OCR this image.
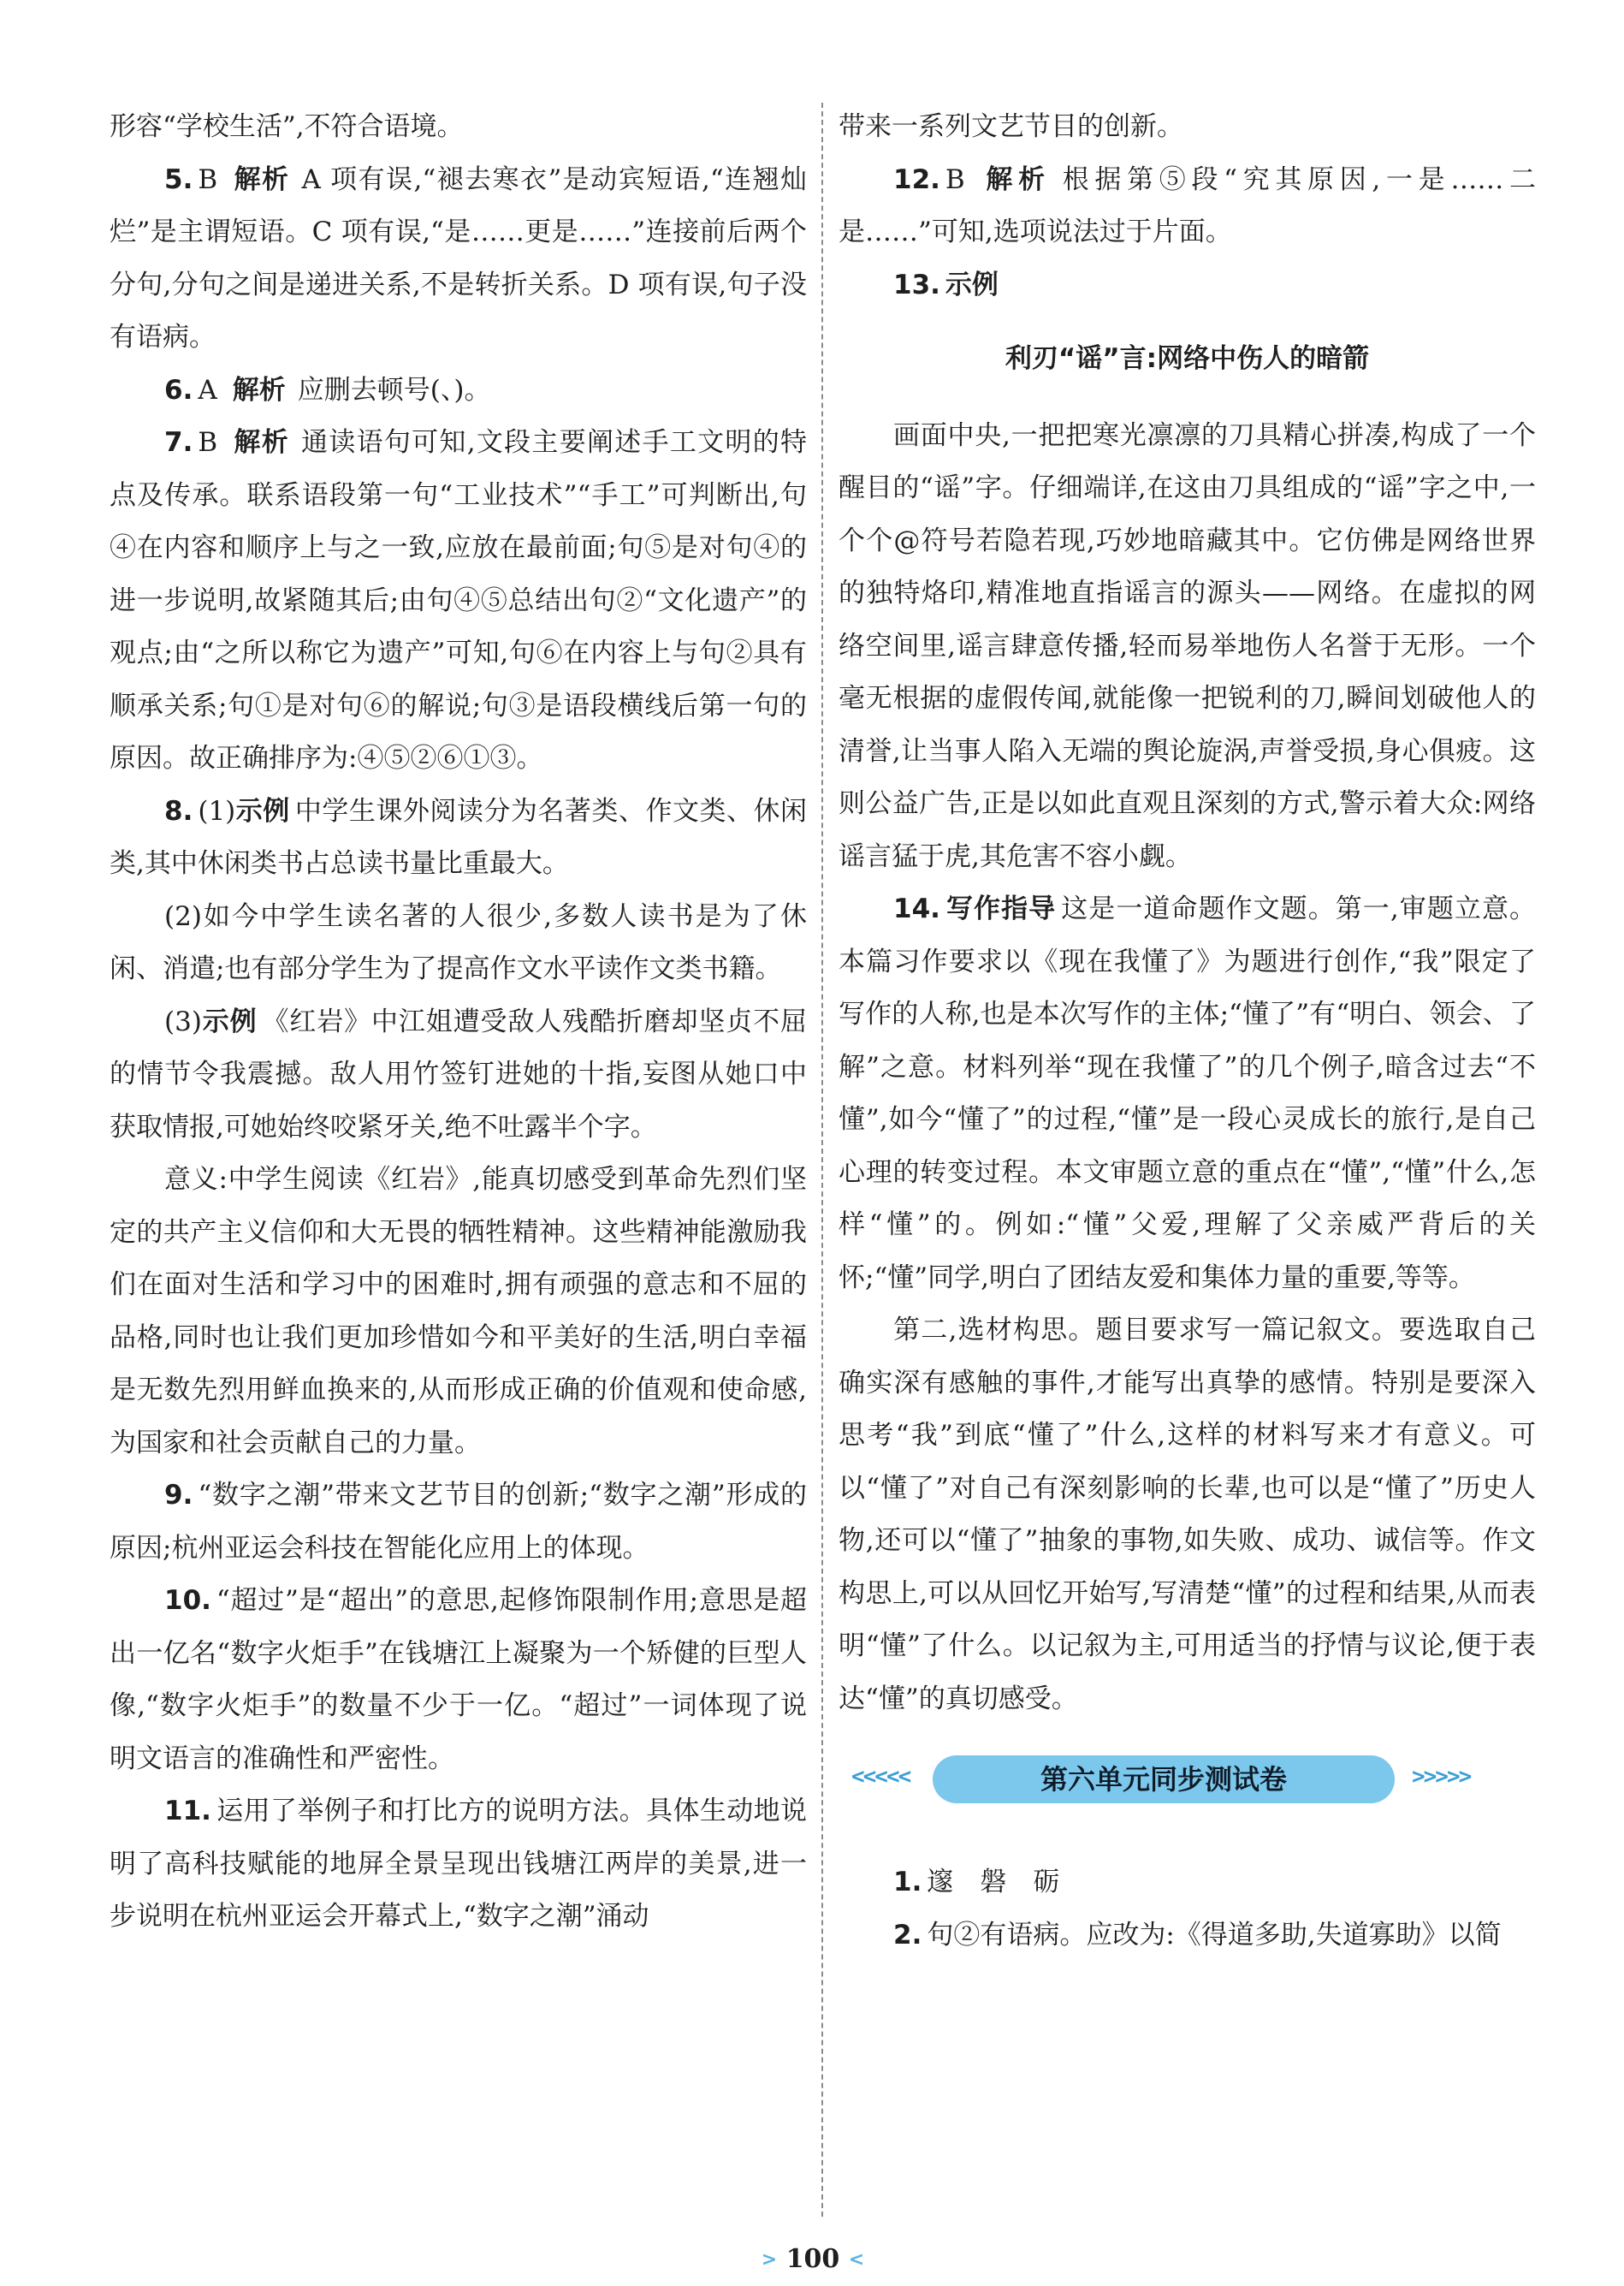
形容“学校生活”,不符合语境。

5. B 解析 A 项有误,“褪去寒衣”是动宾短语,“连翘灿烂”是主谓短语。C 项有误,“是……更是……”连接前后两个分句,分句之间是递进关系,不是转折关系。D 项有误,句子没有语病。

6. A 解析 应删去顿号(、)。

7. B 解析 通读语句可知,文段主要阐述手工文明的特点及传承。联系语段第一句“工业技术”“手工”可判断出,句④在内容和顺序上与之一致,应放在最前面;句⑤是对句④的进一步说明,故紧随其后;由句④⑤总结出句②“文化遗产”的观点;由“之所以称它为遗产”可知,句⑥在内容上与句②具有顺承关系;句①是对句⑥的解说;句③是语段横线后第一句的原因。故正确排序为:④⑤②⑥①③。

8. (1)示例 中学生课外阅读分为名著类、作文类、休闲类,其中休闲类书占总读书量比重最大。

(2)如今中学生读名著的人很少,多数人读书是为了休闲、消遣;也有部分学生为了提高作文水平读作文类书籍。

(3)示例 《红岩》中江姐遭受敌人残酷折磨却坚贞不屈的情节令我震撼。敌人用竹签钉进她的十指,妄图从她口中获取情报,可她始终咬紧牙关,绝不吐露半个字。

意义:中学生阅读《红岩》,能真切感受到革命先烈们坚定的共产主义信仰和大无畏的牺牲精神。这些精神能激励我们在面对生活和学习中的困难时,拥有顽强的意志和不屈的品格,同时也让我们更加珍惜如今和平美好的生活,明白幸福是无数先烈用鲜血换来的,从而形成正确的价值观和使命感,为国家和社会贡献自己的力量。

9. “数字之潮”带来文艺节目的创新;“数字之潮”形成的原因;杭州亚运会科技在智能化应用上的体现。

10. “超过”是“超出”的意思,起修饰限制作用;意思是超出一亿名“数字火炬手”在钱塘江上凝聚为一个矫健的巨型人像,“数字火炬手”的数量不少于一亿。“超过”一词体现了说明文语言的准确性和严密性。

11. 运用了举例子和打比方的说明方法。具体生动地说明了高科技赋能的地屏全景呈现出钱塘江两岸的美景,进一步说明在杭州亚运会开幕式上,“数字之潮”涌动

带来一系列文艺节目的创新。

12. B 解析 根据第⑤段“究其原因,一是……二是……”可知,选项说法过于片面。

13. 示例

利刃“谣”言:网络中伤人的暗箭

画面中央,一把把寒光凛凛的刀具精心拼凑,构成了一个醒目的“谣”字。仔细端详,在这由刀具组成的“谣”字之中,一个个@符号若隐若现,巧妙地暗藏其中。它仿佛是网络世界的独特烙印,精准地直指谣言的源头——网络。在虚拟的网络空间里,谣言肆意传播,轻而易举地伤人名誉于无形。一个毫无根据的虚假传闻,就能像一把锐利的刀,瞬间划破他人的清誉,让当事人陷入无端的舆论旋涡,声誉受损,身心俱疲。这则公益广告,正是以如此直观且深刻的方式,警示着大众:网络谣言猛于虎,其危害不容小觑。

14. 写作指导 这是一道命题作文题。第一,审题立意。本篇习作要求以《现在我懂了》为题进行创作,“我”限定了写作的人称,也是本次写作的主体;“懂了”有“明白、领会、了解”之意。材料列举“现在我懂了”的几个例子,暗含过去“不懂”,如今“懂了”的过程,“懂”是一段心灵成长的旅行,是自己心理的转变过程。本文审题立意的重点在“懂”,“懂”什么,怎样“懂”的。例如:“懂”父爱,理解了父亲威严背后的关怀;“懂”同学,明白了团结友爱和集体力量的重要,等等。

第二,选材构思。题目要求写一篇记叙文。要选取自己确实深有感触的事件,才能写出真挚的感情。特别是要深入思考“我”到底“懂了”什么,这样的材料写来才有意义。可以“懂了”对自己有深刻影响的长辈,也可以是“懂了”历史人物,还可以“懂了”抽象的事物,如失败、成功、诚信等。作文构思上,可以从回忆开始写,写清楚“懂”的过程和结果,从而表明“懂”了什么。以记叙为主,可用适当的抒情与议论,便于表达“懂”的真切感受。

<<<<<	第六单元同步测试卷	>>>>>

1. 邃　磐　砺

2. 句②有语病。应改为:《得道多助,失道寡助》以简

> 100 <
